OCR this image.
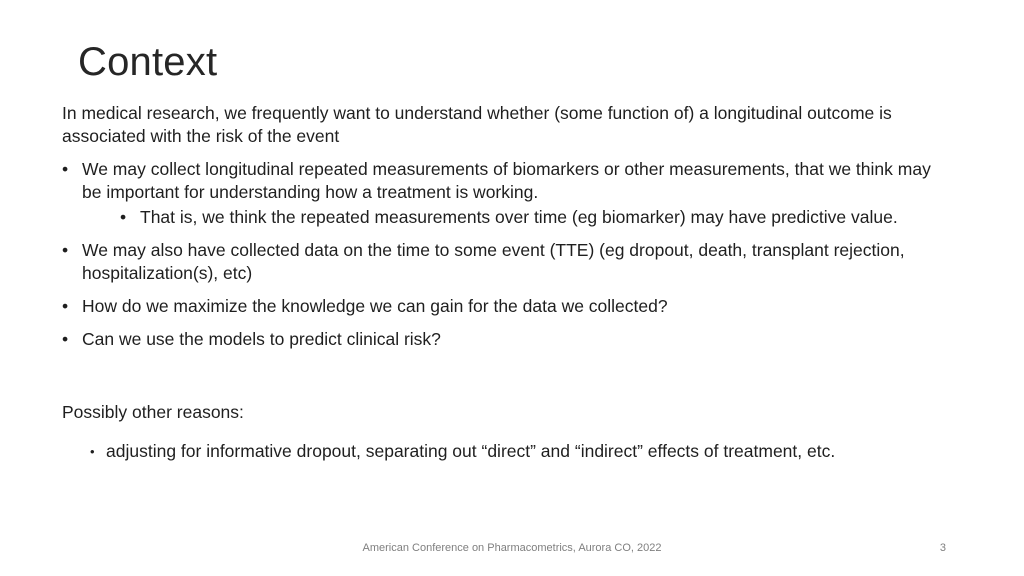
Context

In medical research, we frequently want to understand whether (some function of) a longitudinal outcome is associated with the risk of the event

• We may collect longitudinal repeated measurements of biomarkers or other measurements, that we think may be important for understanding how a treatment is working.
• That is, we think the repeated measurements over time (eg biomarker) may have predictive value.
• We may also have collected data on the time to some event (TTE) (eg dropout, death, transplant rejection, hospitalization(s), etc)
• How do we maximize the knowledge we can gain for the data we collected?
• Can we use the models to predict clinical risk?

Possibly other reasons:

• adjusting for informative dropout, separating out “direct” and “indirect” effects of treatment, etc.
American Conference on Pharmacometrics, Aurora CO, 2022	3
